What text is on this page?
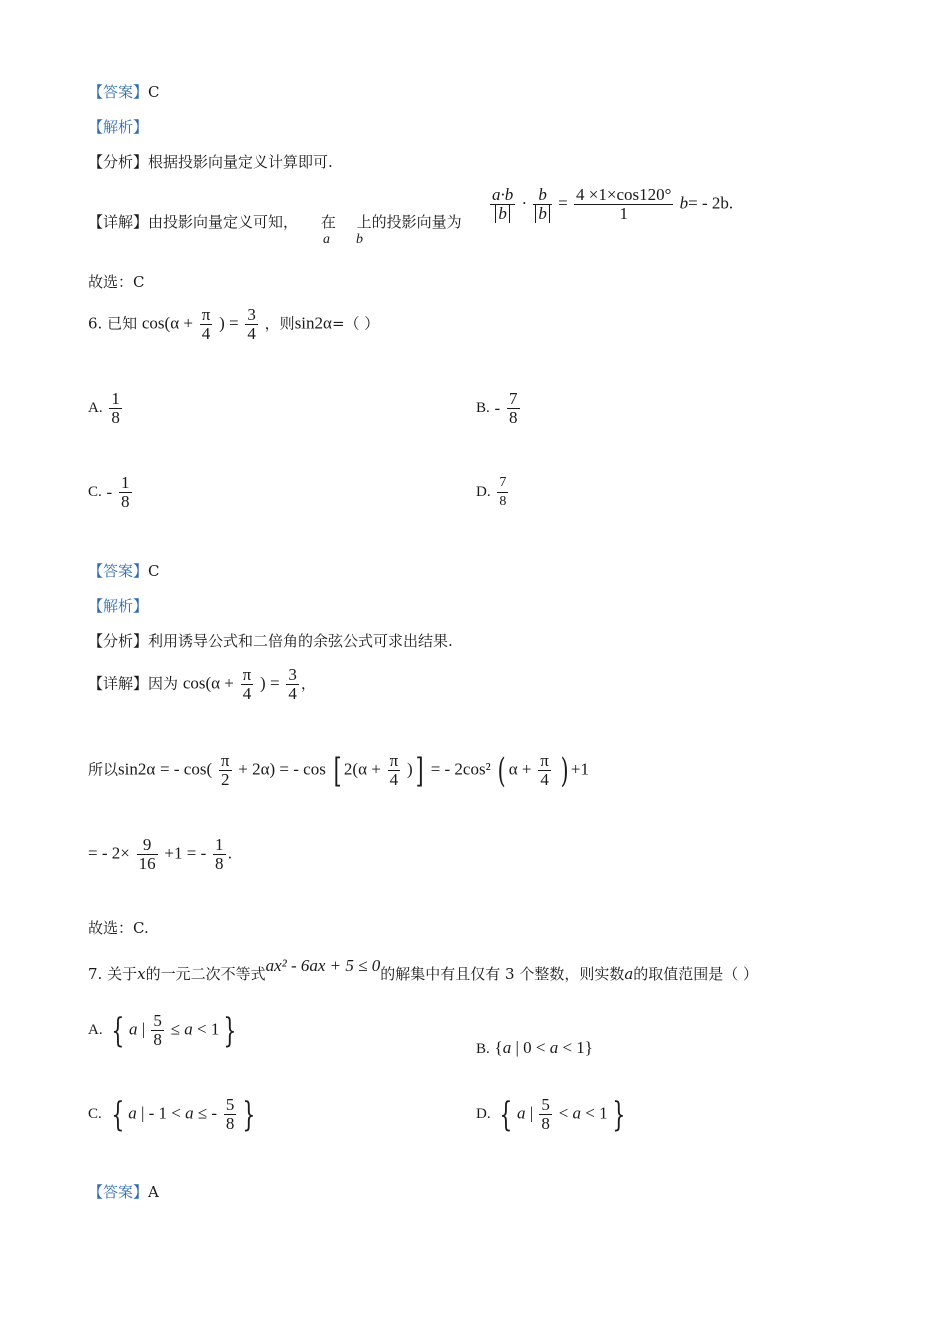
【答案】C
【解析】
【分析】根据投影向量定义计算即可.
【详解】由投影向量定义可知， 在 上的投影向量为
a b
$\frac{a\cdot b}{b} \cdot \frac{b}{b} = \frac{4 \times 1\times\cos 120^\circ}{1} b= - 2b$.
故选：C
6. 已知 $\cos(\alpha + \frac{\pi}{4}$ ) = $\frac{3}{4}$ ，则sin2α=（ ）
A. $\frac{1}{8}$	B. - $\frac{7}{8}$
C. - $\frac{1}{8}$	D. $\frac{7}{8}$
【答案】C
【解析】
【分析】利用诱导公式和二倍角的余弦公式可求出结果.
【详解】因为 $\cos(\alpha + \frac{\pi}{4}$ ) = $\frac{3}{4}$ ，
所以sin2α = - $\cos( \frac{\pi}{2} + 2\alpha)$ = - cos [ $2(\alpha + \frac{\pi}{4}$ )] = - 2cos² ( $\alpha + \frac{\pi}{4}$ ) +1
= - $2\times \frac{9}{16} +1$ = - $\frac{1}{8}$ .
故选：C.
7. 关于x的一元二次不等式ax² - 6ax + 5 ≤ 0的解集中有且仅有 3 个整数，则实数a的取值范围是（ ）
A. { a | $\frac{5}{8} \le a < 1$ }	B. {a | 0 < a < 1}
C. { a | - 1 < a ≤ - $\frac{5}{8}$ }	D. { a | $\frac{5}{8} < a < 1$ }
【答案】A
